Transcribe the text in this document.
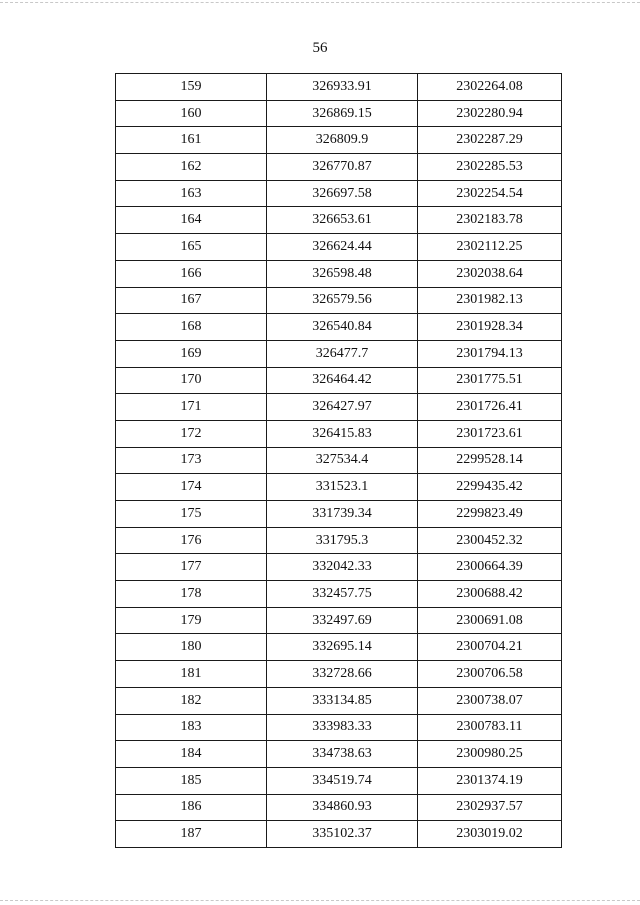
56
159	326933.91	2302264.08
160	326869.15	2302280.94
161	326809.9	2302287.29
162	326770.87	2302285.53
163	326697.58	2302254.54
164	326653.61	2302183.78
165	326624.44	2302112.25
166	326598.48	2302038.64
167	326579.56	2301982.13
168	326540.84	2301928.34
169	326477.7	2301794.13
170	326464.42	2301775.51
171	326427.97	2301726.41
172	326415.83	2301723.61
173	327534.4	2299528.14
174	331523.1	2299435.42
175	331739.34	2299823.49
176	331795.3	2300452.32
177	332042.33	2300664.39
178	332457.75	2300688.42
179	332497.69	2300691.08
180	332695.14	2300704.21
181	332728.66	2300706.58
182	333134.85	2300738.07
183	333983.33	2300783.11
184	334738.63	2300980.25
185	334519.74	2301374.19
186	334860.93	2302937.57
187	335102.37	2303019.02
